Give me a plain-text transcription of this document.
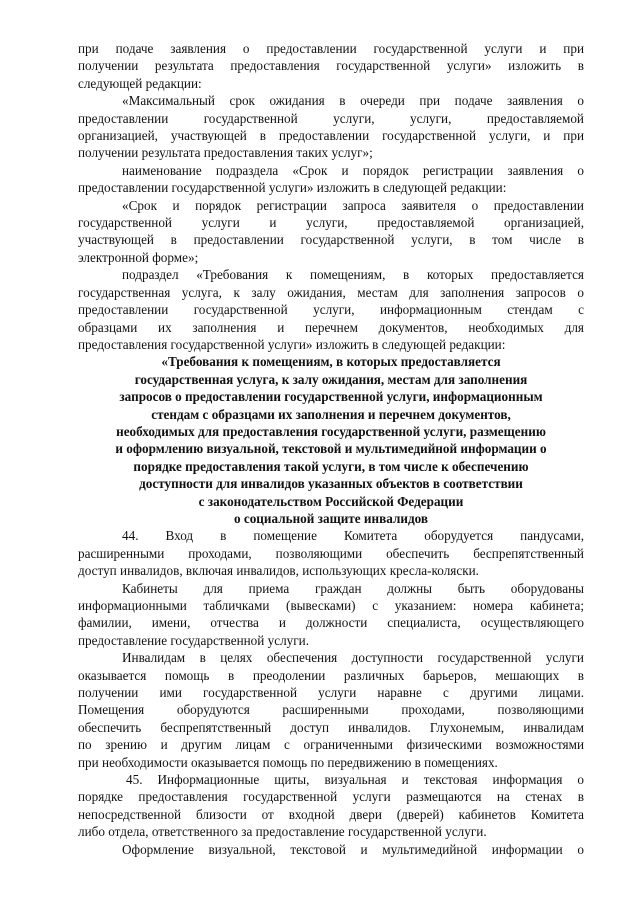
при подаче заявления о предоставлении государственной услуги и при
получении результата предоставления государственной услуги» изложить в
следующей редакции:
«Максимальный срок ожидания в очереди при подаче заявления о
предоставлении государственной услуги, услуги, предоставляемой
организацией, участвующей в предоставлении государственной услуги, и при
получении результата предоставления таких услуг»;
наименование подраздела «Срок и порядок регистрации заявления о
предоставлении государственной услуги» изложить в следующей редакции:
«Срок и порядок регистрации запроса заявителя о предоставлении
государственной услуги и услуги, предоставляемой организацией,
участвующей в предоставлении государственной услуги, в том числе в
электронной форме»;
подраздел «Требования к помещениям, в которых предоставляется
государственная услуга, к залу ожидания, местам для заполнения запросов о
предоставлении государственной услуги, информационным стендам с
образцами их заполнения и перечнем документов, необходимых для
предоставления государственной услуги» изложить в следующей редакции:
«Требования к помещениям, в которых предоставляется
государственная услуга, к залу ожидания, местам для заполнения
запросов о предоставлении государственной услуги, информационным
стендам с образцами их заполнения и перечнем документов,
необходимых для предоставления государственной услуги, размещению
и оформлению визуальной, текстовой и мультимедийной информации о
порядке предоставления такой услуги, в том числе к обеспечению
доступности для инвалидов указанных объектов в соответствии
с законодательством Российской Федерации
о социальной защите инвалидов
44.    Вход    в    помещение    Комитета    оборудуется    пандусами,
расширенными проходами, позволяющими обеспечить беспрепятственный
доступ инвалидов, включая инвалидов, использующих кресла-коляски.
Кабинеты для приема граждан должны быть оборудованы
информационными табличками (вывесками) с указанием: номера кабинета;
фамилии, имени, отчества и должности специалиста, осуществляющего
предоставление государственной услуги.
Инвалидам в целях обеспечения доступности государственной услуги
оказывается помощь в преодолении различных барьеров, мешающих в
получении ими государственной услуги наравне с другими лицами.
Помещения оборудуются расширенными проходами, позволяющими
обеспечить беспрепятственный доступ инвалидов. Глухонемым, инвалидам
по зрению и другим лицам с ограниченными физическими возможностями
при необходимости оказывается помощь по передвижению в помещениях.
45. Информационные щиты, визуальная и текстовая информация о
порядке предоставления государственной услуги размещаются на стенах в
непосредственной близости от входной двери (дверей) кабинетов Комитета
либо отдела, ответственного за предоставление государственной услуги.
Оформление визуальной, текстовой и мультимедийной информации о
